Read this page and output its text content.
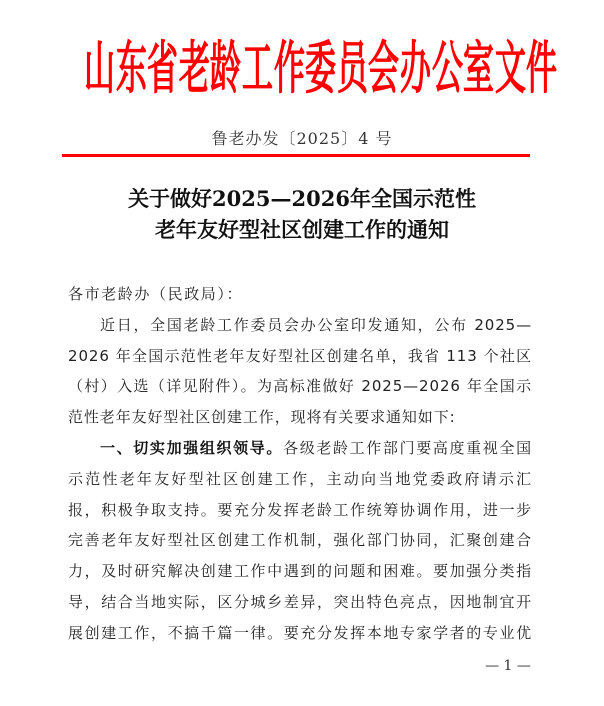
山 东 省 老 龄 工 作 委 员 会 办 公 室 文 件
鲁老办发〔2025〕4 号
关于做好2025—2026年全国示范性
老年友好型社区创建工作的通知
各市老龄办（民政局）：
近日，全国老龄工作委员会办公室印发通知，公布 2025—
2026 年全国示范性老年友好型社区创建名单，我省 113 个社区
（村）入选（详见附件）。为高标准做好 2025—2026 年全国示
范性老年友好型社区创建工作，现将有关要求通知如下:
一、切实加强组织领导。各级老龄工作部门要高度重视全国
示范性老年友好型社区创建工作，主动向当地党委政府请示汇
报，积极争取支持。要充分发挥老龄工作统筹协调作用，进一步
完善老年友好型社区创建工作机制，强化部门协同，汇聚创建合
力，及时研究解决创建工作中遇到的问题和困难。要加强分类指
导，结合当地实际，区分城乡差异，突出特色亮点，因地制宜开
展创建工作，不搞千篇一律。要充分发挥本地专家学者的专业优
— 1 —
